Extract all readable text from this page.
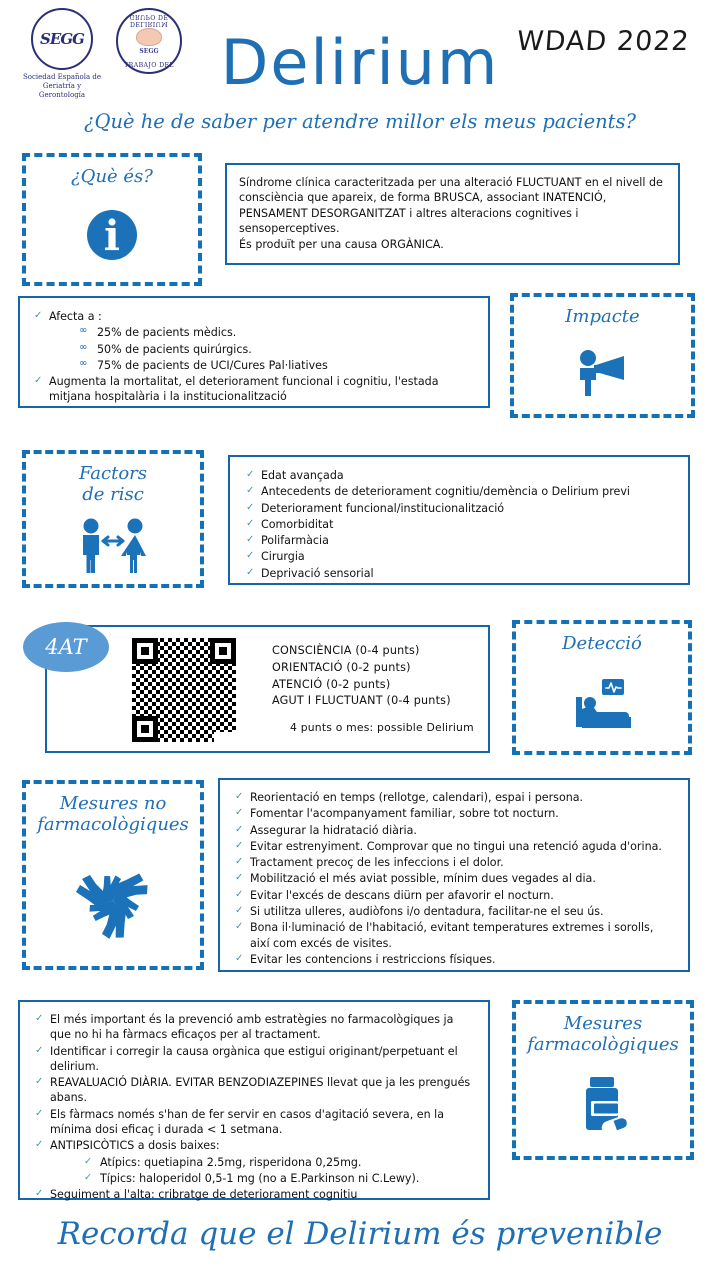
SEGG
Sociedad Española de
Geriatría y Gerontología
DELIRIUM GRUPO DE
TRABAJO DEL
SEGG	Delirium WDAD 2022
¿Què he de saber per atendre millor els meus pacients?
¿Què és?	Síndrome clínica caracteritzada per una alteració FLUCTUANT en el nivell de consciència que apareix, de forma BRUSCA, associant INATENCIÓ, PENSAMENT DESORGANITZAT i altres alteracions cognitives i sensoperceptives.

És produït per una causa ORGÀNICA.

✓ Afecta a :
∞ 25% de pacients mèdics.
∞ 50% de pacients quirúrgics.
∞ 75% de pacients de UCI/Cures Pal·liatives
✓ Augmenta la mortalitat, el deteriorament funcional i cognitiu, l'estada mitjana hospitalària i la institucionalització
Impacte
Factors
de risc
✓ Edat avançada
✓ Antecedents de deteriorament cognitiu/demència o Delirium previ
✓ Deteriorament funcional/institucionalització
✓ Comorbiditat
✓ Polifarmàcia
✓ Cirurgia
✓ Deprivació sensorial
CONSCIÈNCIA (0-4 punts)
ORIENTACIÓ (0-2 punts)
ATENCIÓ (0-2 punts)
AGUT I FLUCTUANT (0-4 punts)
4 punts o mes: possible Delirium
4AT	Detecció
Mesures no
farmacològiques
✓ Reorientació en temps (rellotge, calendari), espai i persona.
✓ Fomentar l'acompanyament familiar, sobre tot nocturn.
✓ Assegurar la hidratació diària.
✓ Evitar estrenyiment. Comprovar que no tingui una retenció aguda d'orina.
✓ Tractament precoç de les infeccions i el dolor.
✓ Mobilització el més aviat possible, mínim dues vegades al dia.
✓ Evitar l'excés de descans diürn per afavorir el nocturn.
✓ Si utilitza ulleres, audiòfons i/o dentadura, facilitar-ne el seu ús.
✓ Bona il·luminació de l'habitació, evitant temperatures extremes i sorolls, així com excés de visites.
✓ Evitar les contencions i restriccions físiques.
✓ El més important és la prevenció amb estratègies no farmacològiques ja que no hi ha fàrmacs eficaços per al tractament.
✓ Identificar i corregir la causa orgànica que estigui originant/perpetuant el delirium.
✓ REAVALUACIÓ DIÀRIA. EVITAR BENZODIAZEPINES llevat que ja les prengués abans.
✓ Els fàrmacs només s'han de fer servir en casos d'agitació severa, en la mínima dosi eficaç i durada < 1 setmana.
✓ ANTIPSICÒTICS a dosis baixes:
✓ Atípics: quetiapina 2.5mg, risperidona 0,25mg.
✓ Típics: haloperidol 0,5-1 mg (no a E.Parkinson ni C.Lewy).
✓ Seguiment a l'alta: cribratge de deteriorament cognitiu
Mesures
farmacològiques
Recorda que el Delirium és prevenible
